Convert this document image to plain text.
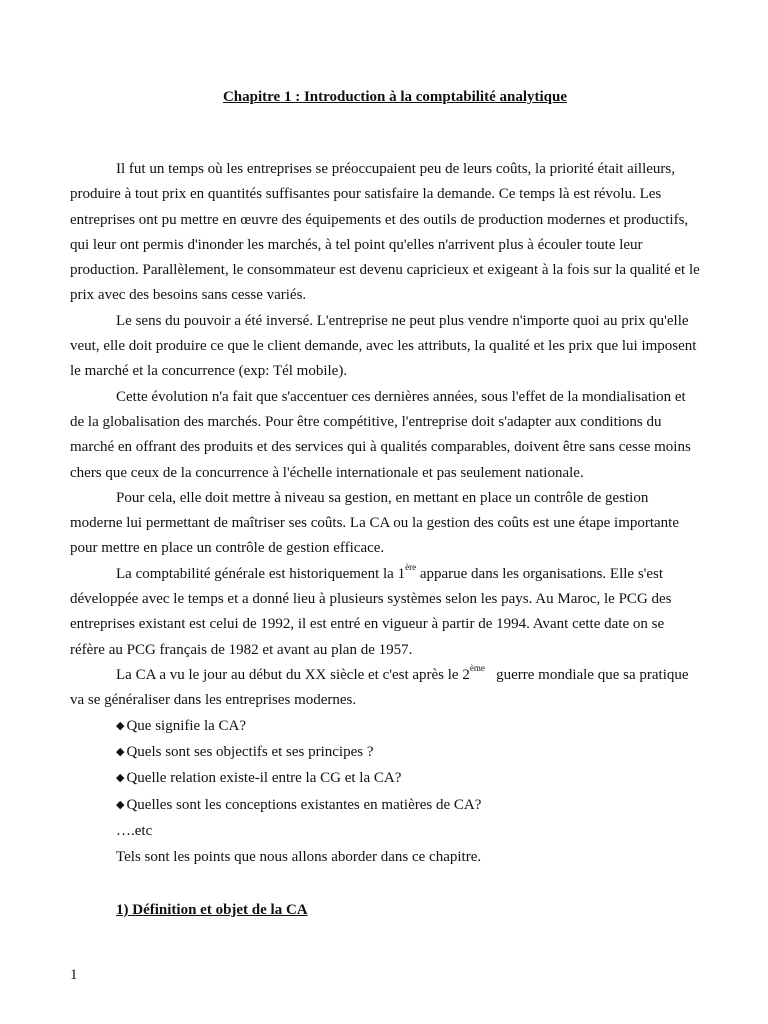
Chapitre 1 : Introduction à la comptabilité analytique

Il fut un temps où les entreprises se préoccupaient peu de leurs coûts, la priorité était ailleurs,
produire à tout prix en quantités suffisantes pour satisfaire la demande. Ce temps là est révolu. Les
entreprises ont pu mettre en œuvre des équipements et des outils de production modernes et productifs,
qui leur ont permis d'inonder les marchés, à tel point qu'elles n'arrivent plus à écouler toute leur
production. Parallèlement, le consommateur est devenu capricieux et exigeant à la fois sur la qualité et le
prix avec des besoins sans cesse variés.

Le sens du pouvoir a été inversé. L'entreprise ne peut plus vendre n'importe quoi au prix qu'elle
veut, elle doit produire ce que le client demande, avec les attributs, la qualité et les prix que lui imposent
le marché et la concurrence (exp: Tél mobile).

Cette évolution n'a fait que s'accentuer ces dernières années, sous l'effet de la mondialisation et
de la globalisation des marchés. Pour être compétitive, l'entreprise doit s'adapter aux conditions du
marché en offrant des produits et des services qui à qualités comparables, doivent être sans cesse moins
chers que ceux de la concurrence à l'échelle internationale et pas seulement nationale.

Pour cela, elle doit mettre à niveau sa gestion, en mettant en place un contrôle de gestion
moderne lui permettant de maîtriser ses coûts. La CA ou la gestion des coûts est une étape importante
pour mettre en place un contrôle de gestion efficace.

La comptabilité générale est historiquement la 1ère apparue dans les organisations. Elle s'est
développée avec le temps et a donné lieu à plusieurs systèmes selon les pays. Au Maroc, le PCG des
entreprises existant est celui de 1992, il est entré en vigueur à partir de 1994. Avant cette date on se
réfère au PCG français de 1982 et avant au plan de 1957.

La CA a vu le jour au début du XX siècle et c'est après le 2ème   guerre mondiale que sa pratique
va se généraliser dans les entreprises modernes.

◆ Que signifie la CA?
◆ Quels sont ses objectifs et ses principes ?
◆ Quelle relation existe-il entre la CG et la CA?
◆ Quelles sont les conceptions existantes en matières de CA?
….etc
Tels sont les points que nous allons aborder dans ce chapitre.
1) Définition et objet de la CA
1
